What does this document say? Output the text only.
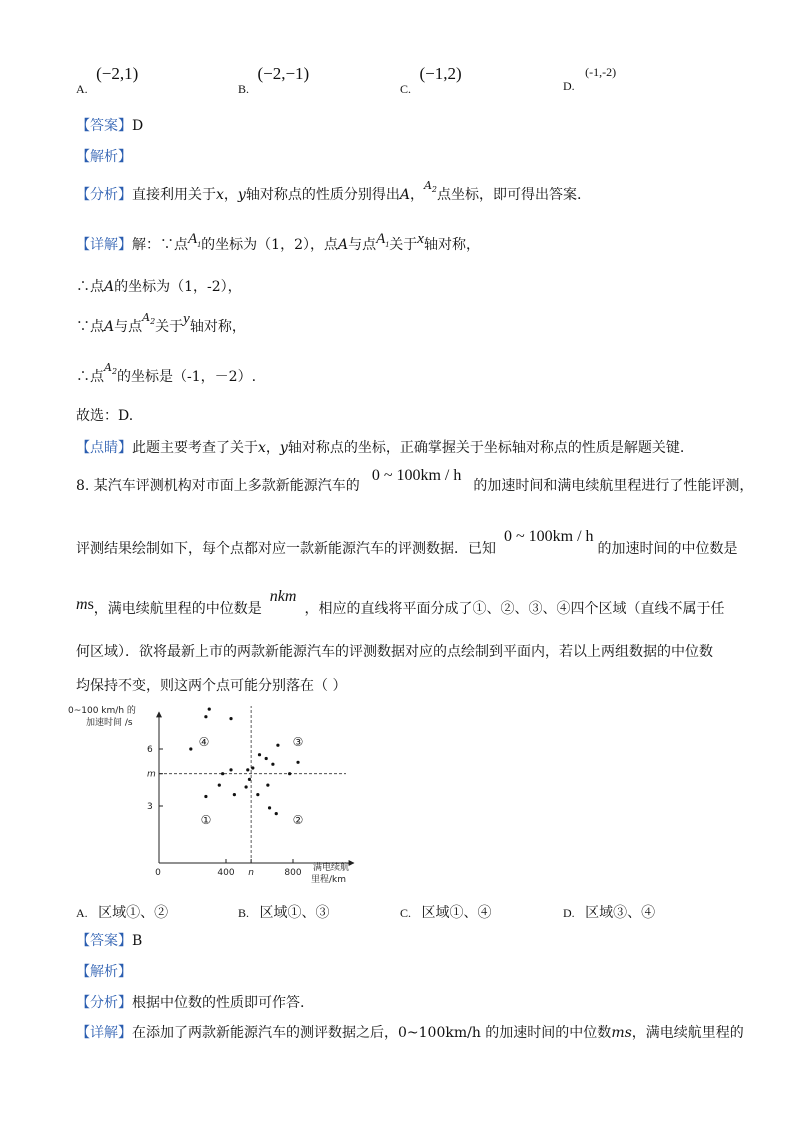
A. (−2,1)
B. (−2,−1)
C. (−1,2)
D. (-1,-2)
【答案】D
【解析】
【分析】直接利用关于x，y轴对称点的性质分别得出A，$^{A_2}$点坐标，即可得出答案.
【详解】解：∵点$A_1$的坐标为（1，2），点A与点$A_1$关于x轴对称，
∴点A的坐标为（1，-2），
∵点A与点$^{A_2}$关于y轴对称，
∴点$^{A_2}$的坐标是（-1，－2）.
故选：D.
【点睛】此题主要考查了关于x，y轴对称点的坐标，正确掌握关于坐标轴对称点的性质是解题关键.
8. 某汽车评测机构对市面上多款新能源汽车的0 ~ 100km / h的加速时间和满电续航里程进行了性能评测，
评测结果绘制如下，每个点都对应一款新能源汽车的评测数据．已知0 ~ 100km / h的加速时间的中位数是
ms，满电续航里程的中位数是nkm，相应的直线将平面分成了①、②、③、④四个区域（直线不属于任
何区域）．欲将最新上市的两款新能源汽车的评测数据对应的点绘制到平面内，若以上两组数据的中位数
均保持不变，则这两个点可能分别落在（ ）
0~100 km/h 的
加速时间 /s
满电续航
里程/km
6
m
3
0	400 n	800
④	③
①	②
A. 区域①、②	B. 区域①、③	C. 区域①、④	D. 区域③、④
【答案】B
【解析】
【分析】根据中位数的性质即可作答.
【详解】在添加了两款新能源汽车的测评数据之后，0~100km/h 的加速时间的中位数ms，满电续航里程的
